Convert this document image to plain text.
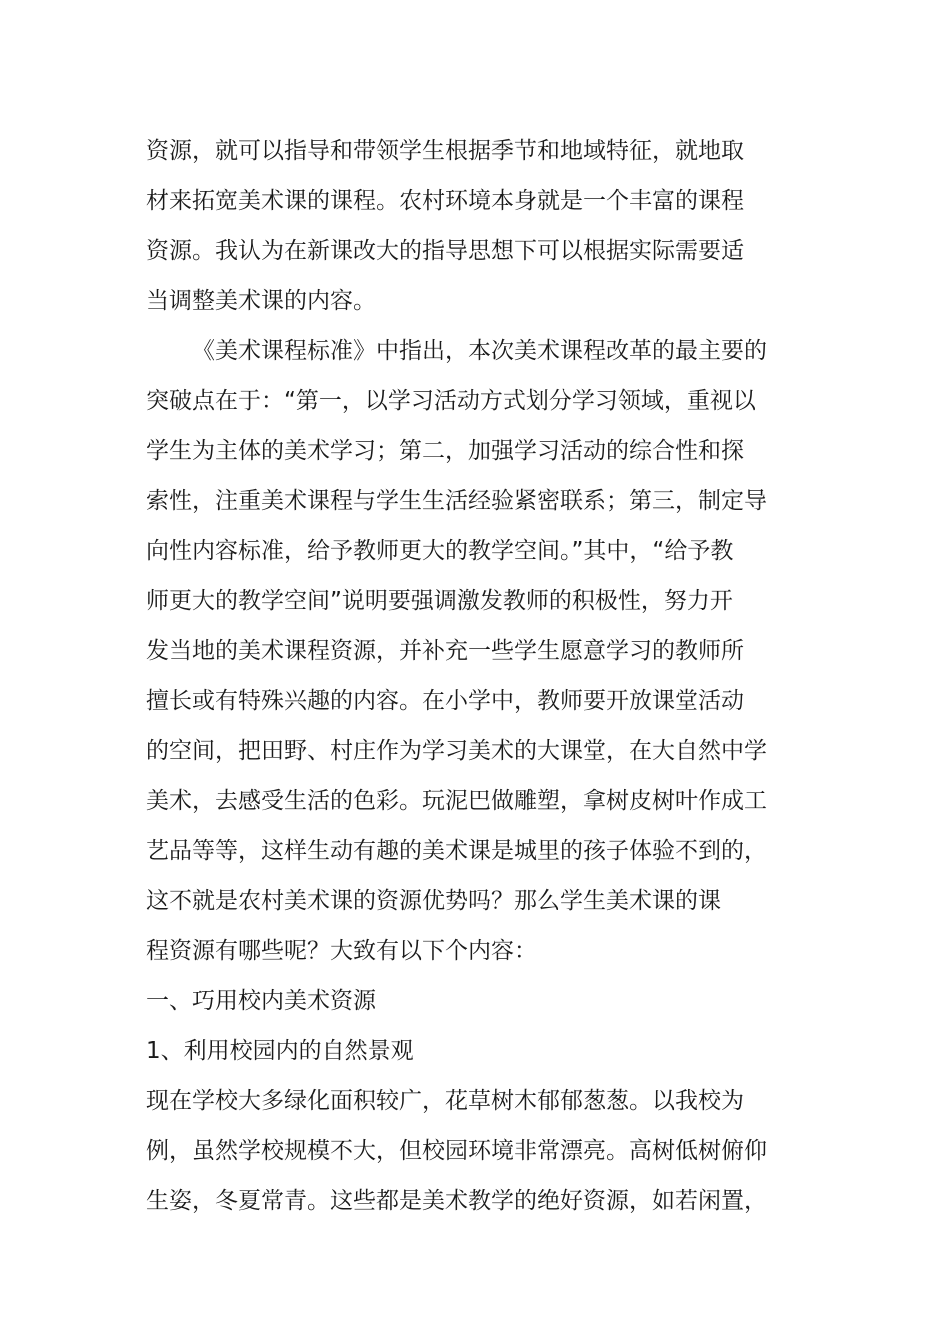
资源，就可以指导和带领学生根据季节和地域特征，就地取
材来拓宽美术课的课程。农村环境本身就是一个丰富的课程
资源。我认为在新课改大的指导思想下可以根据实际需要适
当调整美术课的内容。
《美术课程标准》中指出，本次美术课程改革的最主要的
突破点在于：“第一，以学习活动方式划分学习领域，重视以
学生为主体的美术学习；第二，加强学习活动的综合性和探
索性，注重美术课程与学生生活经验紧密联系；第三，制定导
向性内容标准，给予教师更大的教学空间。”其中，“给予教
师更大的教学空间”说明要强调激发教师的积极性，努力开
发当地的美术课程资源，并补充一些学生愿意学习的教师所
擅长或有特殊兴趣的内容。在小学中，教师要开放课堂活动
的空间，把田野、村庄作为学习美术的大课堂，在大自然中学
美术，去感受生活的色彩。玩泥巴做雕塑，拿树皮树叶作成工
艺品等等，这样生动有趣的美术课是城里的孩子体验不到的，
这不就是农村美术课的资源优势吗？那么学生美术课的课
程资源有哪些呢？大致有以下个内容：
一、巧用校内美术资源
1、利用校园内的自然景观
现在学校大多绿化面积较广，花草树木郁郁葱葱。以我校为
例，虽然学校规模不大，但校园环境非常漂亮。高树低树俯仰
生姿，冬夏常青。这些都是美术教学的绝好资源，如若闲置，
